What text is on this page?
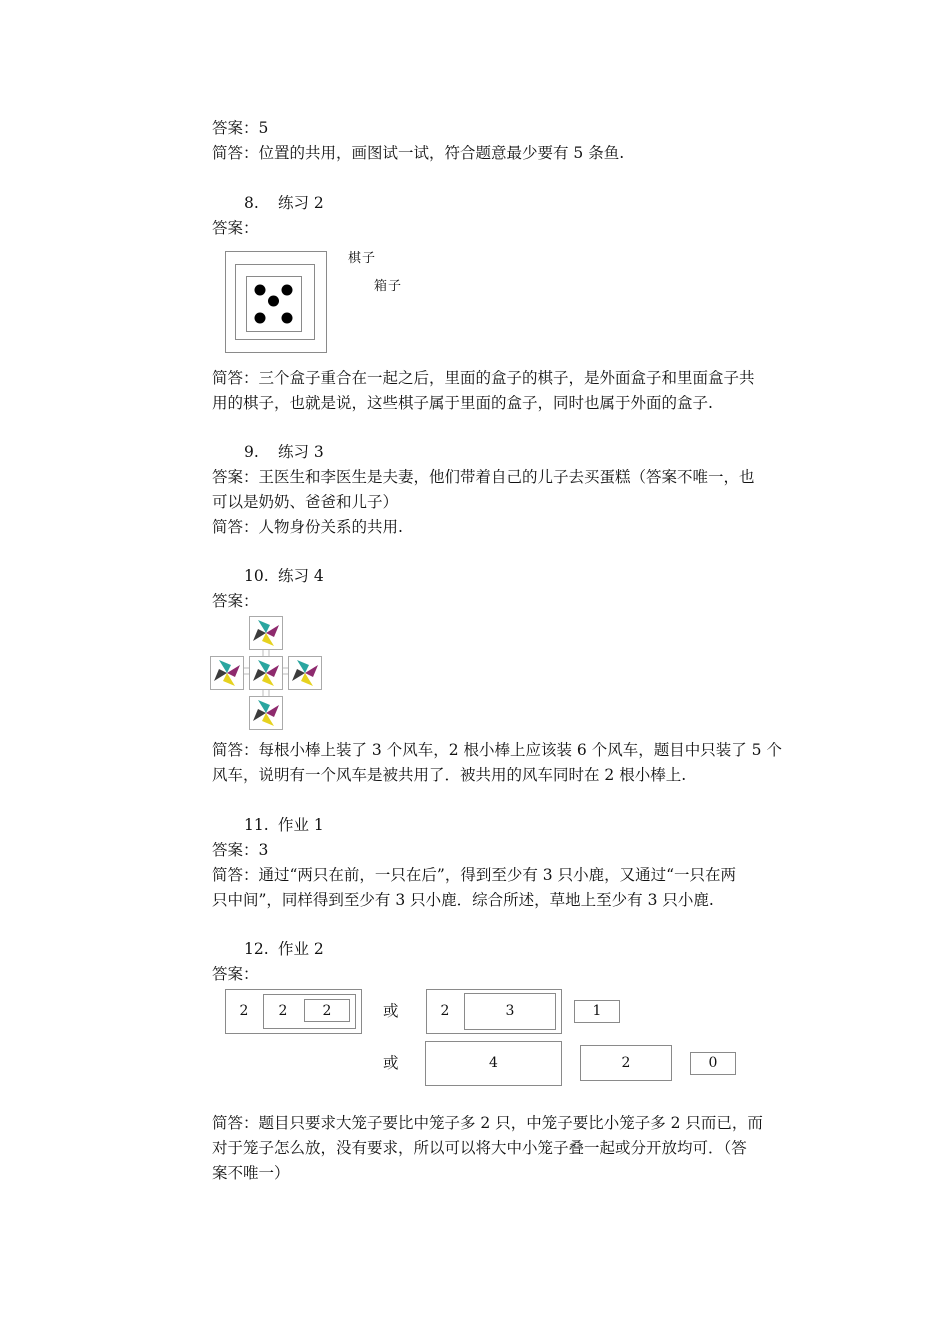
答案：5
简答：位置的共用，画图试一试，符合题意最少要有 5 条鱼.
8. 练习 2
答案：
棋子
箱子
简答：三个盒子重合在一起之后，里面的盒子的棋子，是外面盒子和里面盒子共
用的棋子，也就是说，这些棋子属于里面的盒子，同时也属于外面的盒子.
9. 练习 3
答案：王医生和李医生是夫妻，他们带着自己的儿子去买蛋糕（答案不唯一，也
可以是奶奶、爸爸和儿子）
简答：人物身份关系的共用.
10. 练习 4
答案：
简答：每根小棒上装了 3 个风车，2 根小棒上应该装 6 个风车，题目中只装了 5 个
风车，说明有一个风车是被共用了．被共用的风车同时在 2 根小棒上.
11. 作业 1
答案：3
简答：通过“两只在前，一只在后”，得到至少有 3 只小鹿，又通过“一只在两
只中间”，同样得到至少有 3 只小鹿．综合所述，草地上至少有 3 只小鹿.
12. 作业 2
答案：
2	2	2	或	2	3	1
或	4	2	0
简答：题目只要求大笼子要比中笼子多 2 只，中笼子要比小笼子多 2 只而已，而
对于笼子怎么放，没有要求，所以可以将大中小笼子叠一起或分开放均可．（答
案不唯一）
